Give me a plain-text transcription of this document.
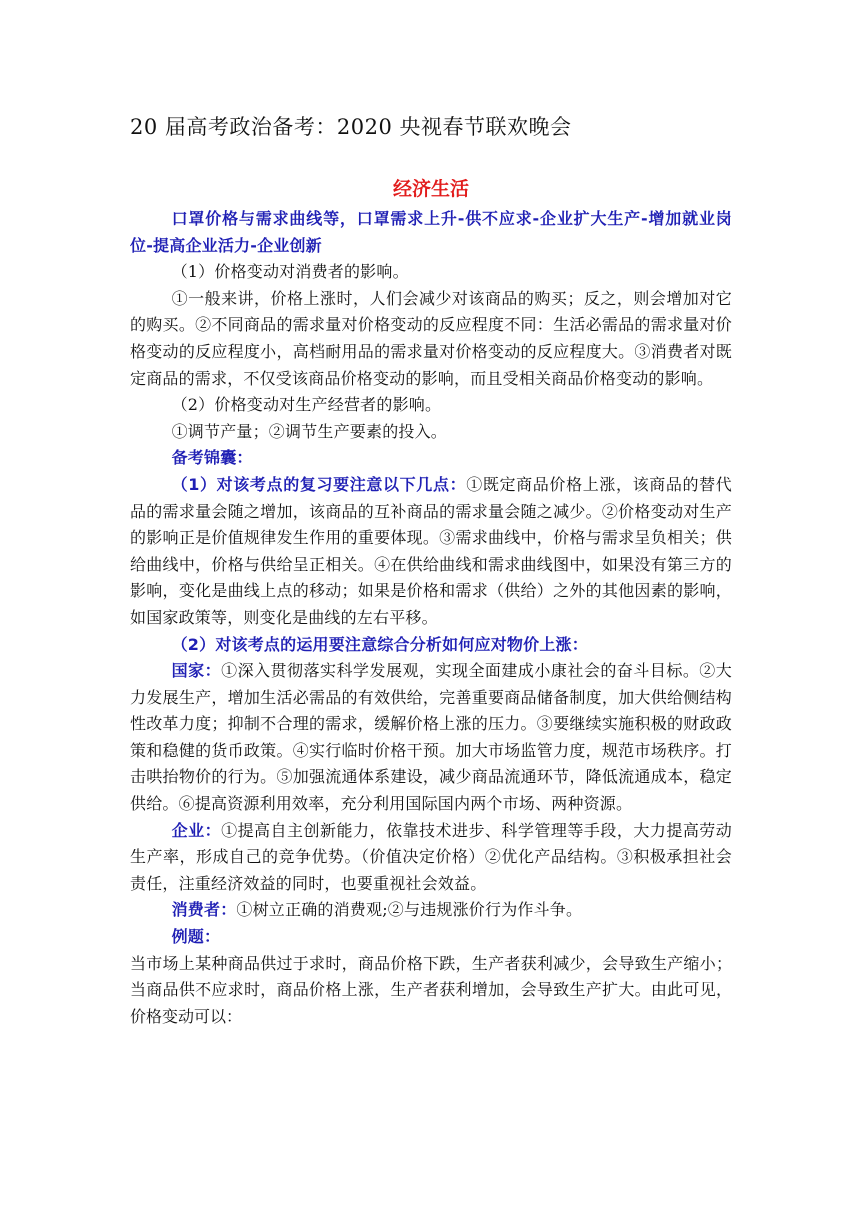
20 届高考政治备考：2020 央视春节联欢晚会
经济生活

口罩价格与需求曲线等，口罩需求上升-供不应求-企业扩大生产-增加就业岗位-提高企业活力-企业创新

（1）价格变动对消费者的影响。

①一般来讲，价格上涨时，人们会减少对该商品的购买；反之，则会增加对它的购买。②不同商品的需求量对价格变动的反应程度不同：生活必需品的需求量对价格变动的反应程度小，高档耐用品的需求量对价格变动的反应程度大。③消费者对既定商品的需求，不仅受该商品价格变动的影响，而且受相关商品价格变动的影响。

（2）价格变动对生产经营者的影响。

①调节产量；②调节生产要素的投入。

备考锦囊：

（1）对该考点的复习要注意以下几点：①既定商品价格上涨，该商品的替代品的需求量会随之增加，该商品的互补商品的需求量会随之减少。②价格变动对生产的影响正是价值规律发生作用的重要体现。③需求曲线中，价格与需求呈负相关；供给曲线中，价格与供给呈正相关。④在供给曲线和需求曲线图中，如果没有第三方的影响，变化是曲线上点的移动；如果是价格和需求（供给）之外的其他因素的影响，如国家政策等，则变化是曲线的左右平移。

（2）对该考点的运用要注意综合分析如何应对物价上涨：

国家：①深入贯彻落实科学发展观，实现全面建成小康社会的奋斗目标。②大力发展生产，增加生活必需品的有效供给，完善重要商品储备制度，加大供给侧结构性改革力度；抑制不合理的需求，缓解价格上涨的压力。③要继续实施积极的财政政策和稳健的货币政策。④实行临时价格干预。加大市场监管力度，规范市场秩序。打击哄抬物价的行为。⑤加强流通体系建设，减少商品流通环节，降低流通成本，稳定供给。⑥提高资源利用效率，充分利用国际国内两个市场、两种资源。

企业：①提高自主创新能力，依靠技术进步、科学管理等手段，大力提高劳动生产率，形成自己的竞争优势。（价值决定价格）②优化产品结构。③积极承担社会责任，注重经济效益的同时，也要重视社会效益。

消费者：①树立正确的消费观;②与违规涨价行为作斗争。

例题：

当市场上某种商品供过于求时，商品价格下跌，生产者获利减少，会导致生产缩小；当商品供不应求时，商品价格上涨，生产者获利增加，会导致生产扩大。由此可见，价格变动可以：
